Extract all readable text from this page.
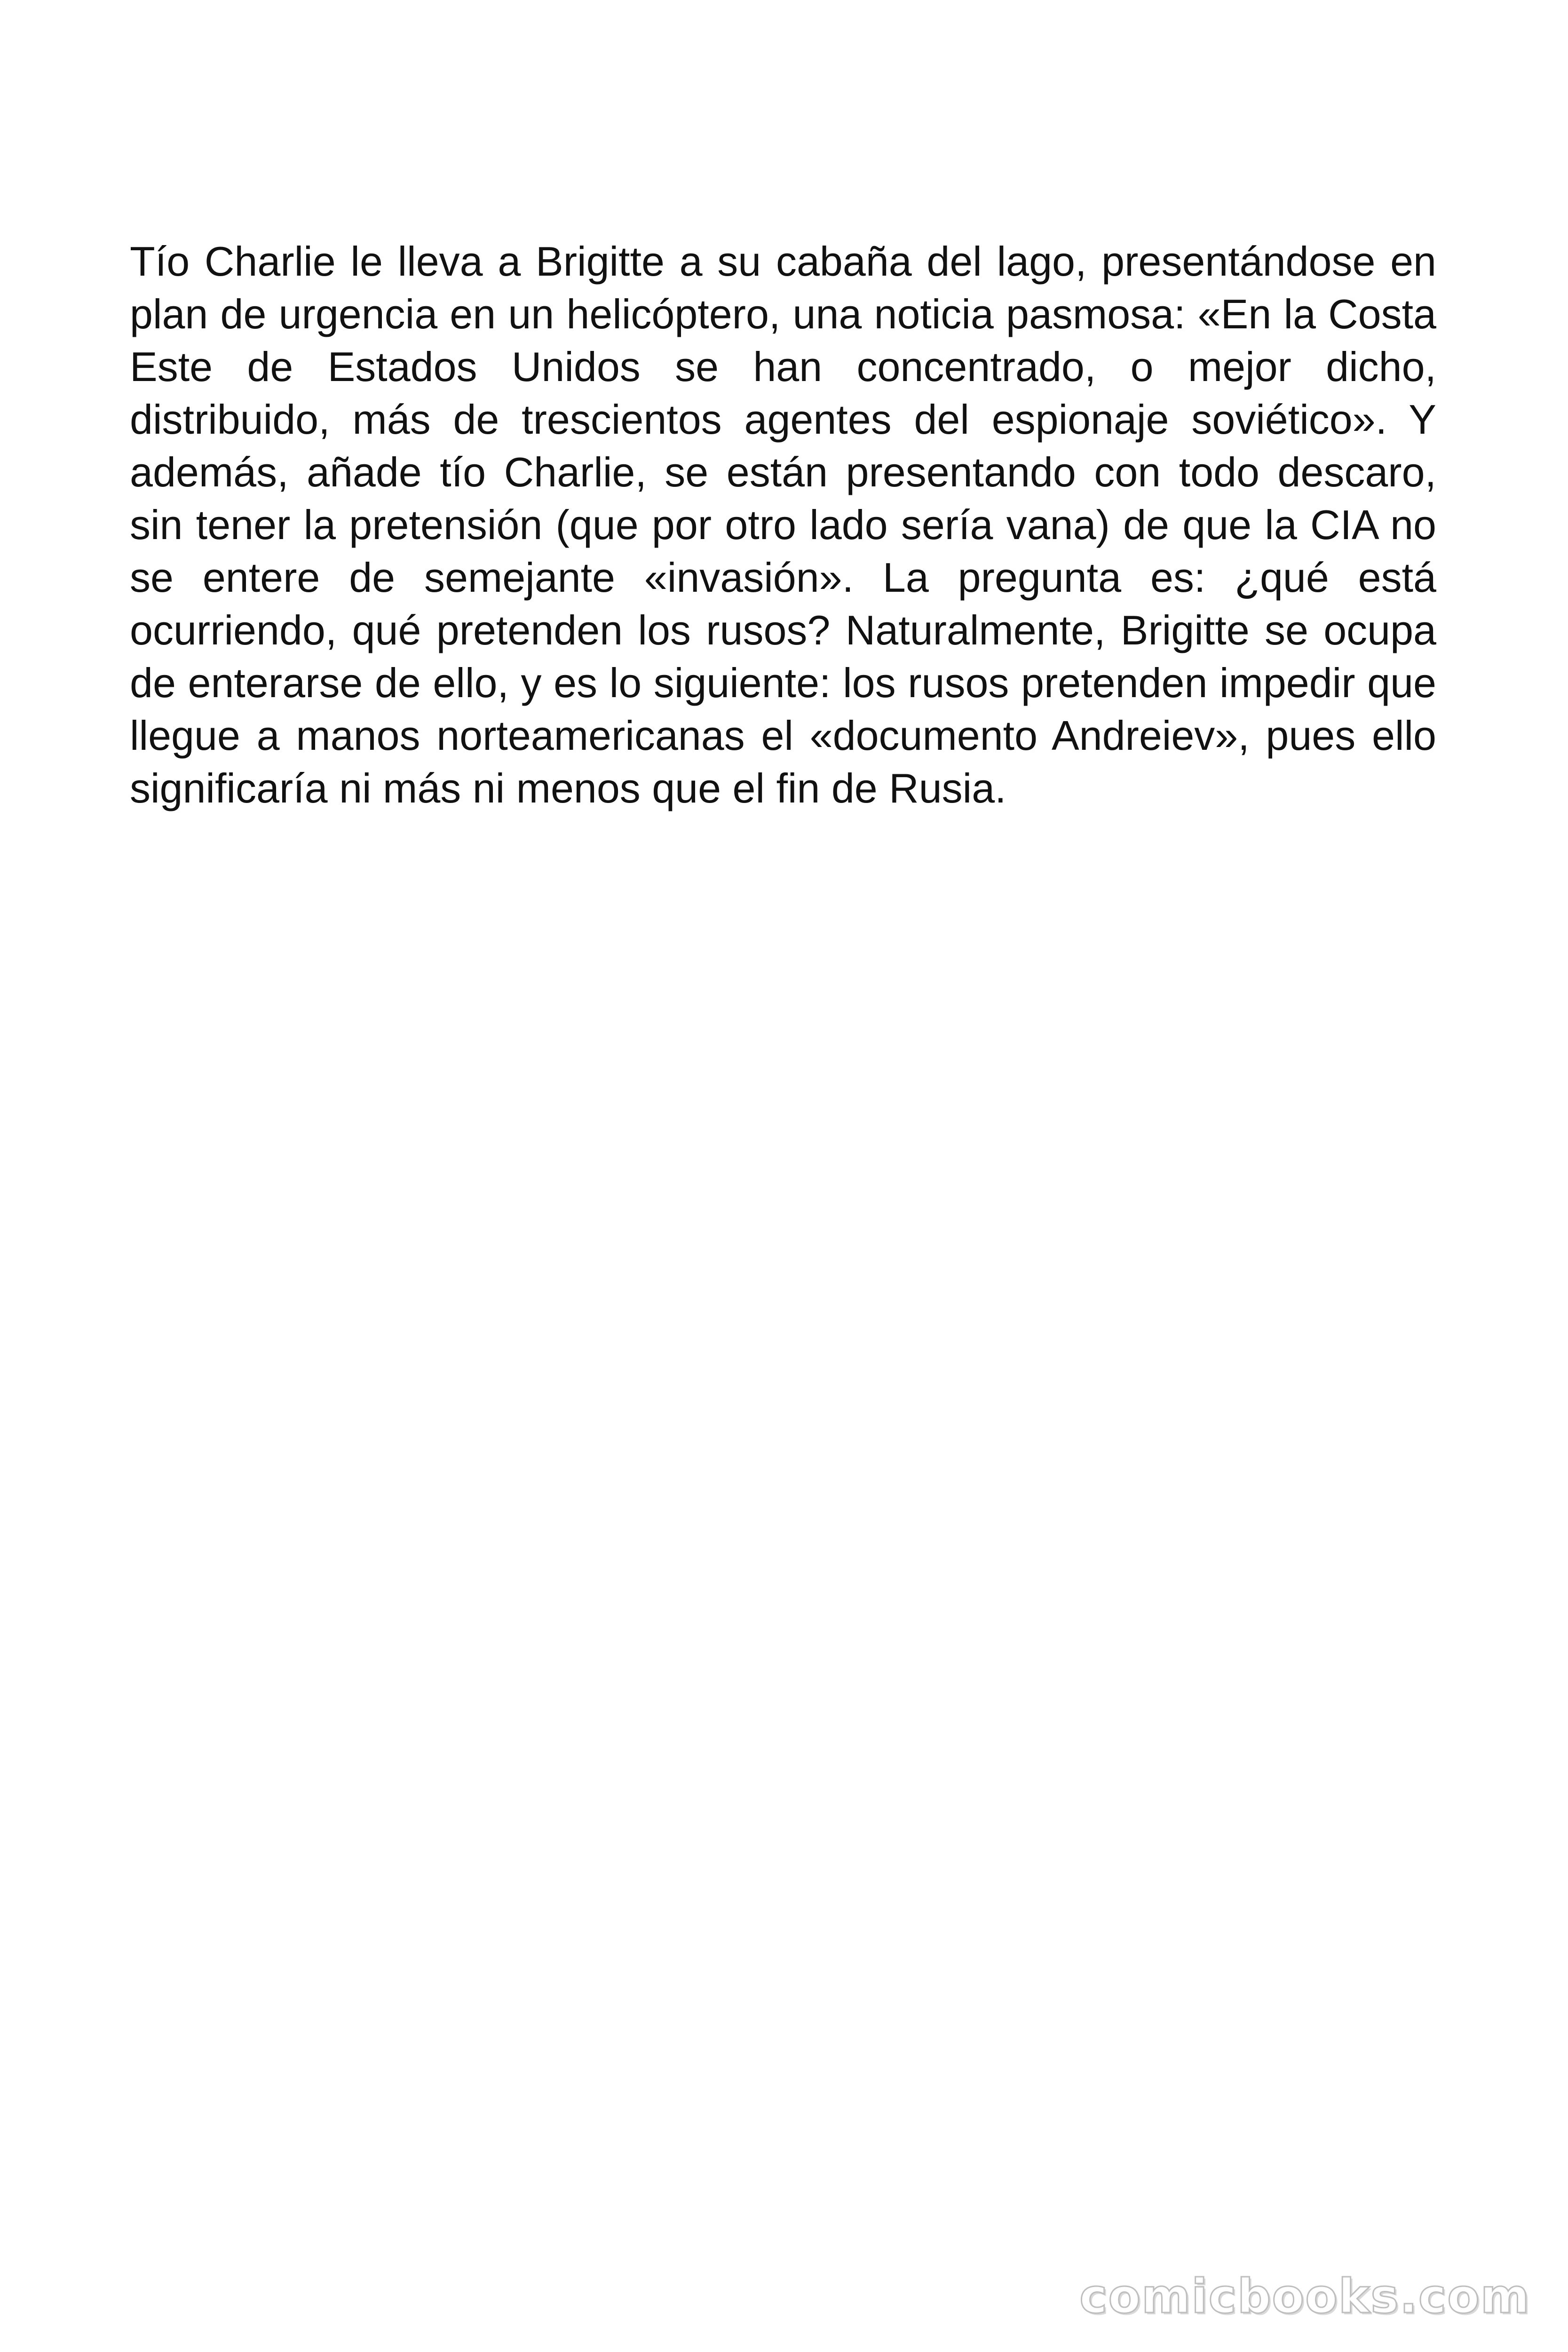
Tío Charlie le lleva a Brigitte a su cabaña del lago, presentándose en plan de urgencia en un helicóptero, una noticia pasmosa: «En la Costa Este de Estados Unidos se han concentrado, o mejor dicho, distribuido, más de trescientos agentes del espionaje soviético». Y además, añade tío Charlie, se están presentando con todo descaro, sin tener la pretensión (que por otro lado sería vana) de que la CIA no se entere de semejante «invasión». La pregunta es: ¿qué está ocurriendo, qué pretenden los rusos? Naturalmente, Brigitte se ocupa de enterarse de ello, y es lo siguiente: los rusos pretenden impedir que llegue a manos norteamericanas el «documento Andreiev», pues ello significaría ni más ni menos que el fin de Rusia.

comicbooks.com
